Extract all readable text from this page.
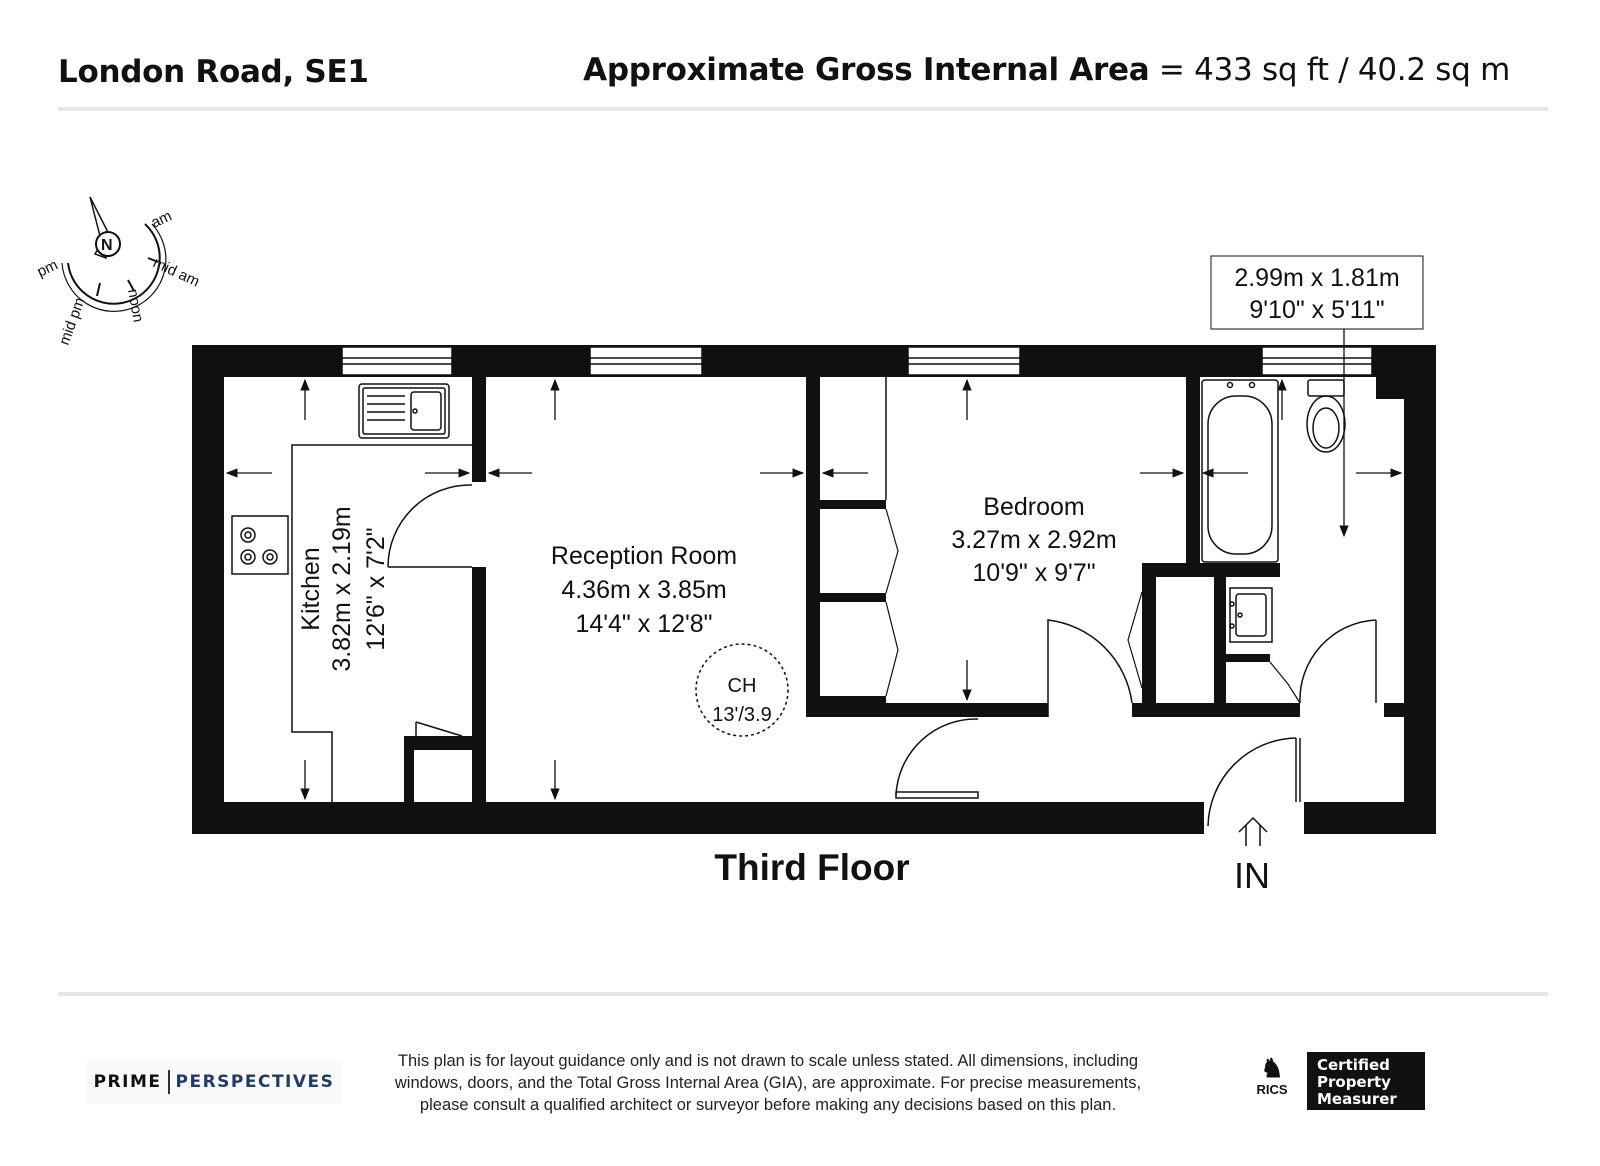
London Road, SE1	Approximate Gross Internal Area = 433 sq ft / 40.2 sq m
N
am
mid am
noon
mid pm
pm
Kitchen 3.82m x 2.19m 12'6" x 7'2"	Reception Room
4.36m x 3.85m
14'4" x 12'8"
Bedroom
3.27m x 2.92m
10'9" x 9'7"
2.99m x 1.81m
9'10" x 5'11"
CH
13'/3.9
Third Floor	IN
PRIME PERSPECTIVES
This plan is for layout guidance only and is not drawn to scale unless stated. All dimensions, including
windows, doors, and the Total Gross Internal Area (GIA), are approximate. For precise measurements,
please consult a qualified architect or surveyor before making any decisions based on this plan.
♞
RICS
Certified
Property
Measurer
